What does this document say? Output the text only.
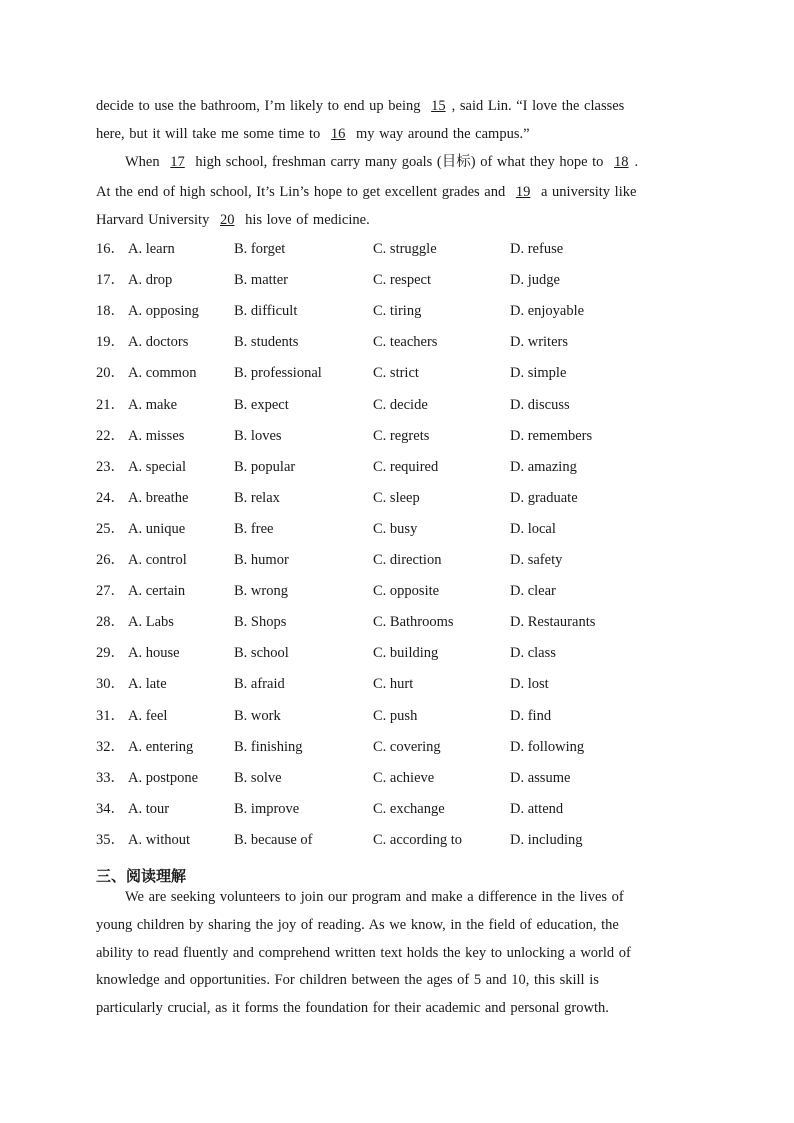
decide to use the bathroom, I’m likely to end up being 15 , said Lin. “I love the classes
here, but it will take me some time to 16 my way around the campus.”
When 17 high school, freshman carry many goals (目标) of what they hope to 18 .
At the end of high school, It’s Lin’s hope to get excellent grades and 19 a university like
Harvard University 20 his love of medicine.
16． A. learn	B. forget	C. struggle	D. refuse
17． A. drop	B. matter	C. respect	D. judge
18． A. opposing B. difficult	C. tiring	D. enjoyable
19． A. doctors	B. students	C. teachers	D. writers
20． A. common	B. professional	C. strict	D. simple
21． A. make	B. expect	C. decide	D. discuss
22． A. misses	B. loves	C. regrets	D. remembers
23． A. special	B. popular	C. required	D. amazing
24． A. breathe	B. relax	C. sleep	D. graduate
25． A. unique	B. free	C. busy	D. local
26． A. control	B. humor	C. direction	D. safety
27． A. certain	B. wrong	C. opposite	D. clear
28． A. Labs	B. Shops	C. Bathrooms	D. Restaurants
29． A. house	B. school	C. building	D. class
30． A. late	B. afraid	C. hurt	D. lost
31． A. feel	B. work	C. push	D. find
32． A. entering	B. finishing	C. covering	D. following
33． A. postpone B. solve	C. achieve	D. assume
34． A. tour	B. improve	C. exchange	D. attend
35． A. without	B. because of	C. according to	D. including
三、阅读理解
We are seeking volunteers to join our program and make a difference in the lives of
young children by sharing the joy of reading. As we know, in the field of education, the
ability to read fluently and comprehend written text holds the key to unlocking a world of
knowledge and opportunities. For children between the ages of 5 and 10, this skill is
particularly crucial, as it forms the foundation for their academic and personal growth.
